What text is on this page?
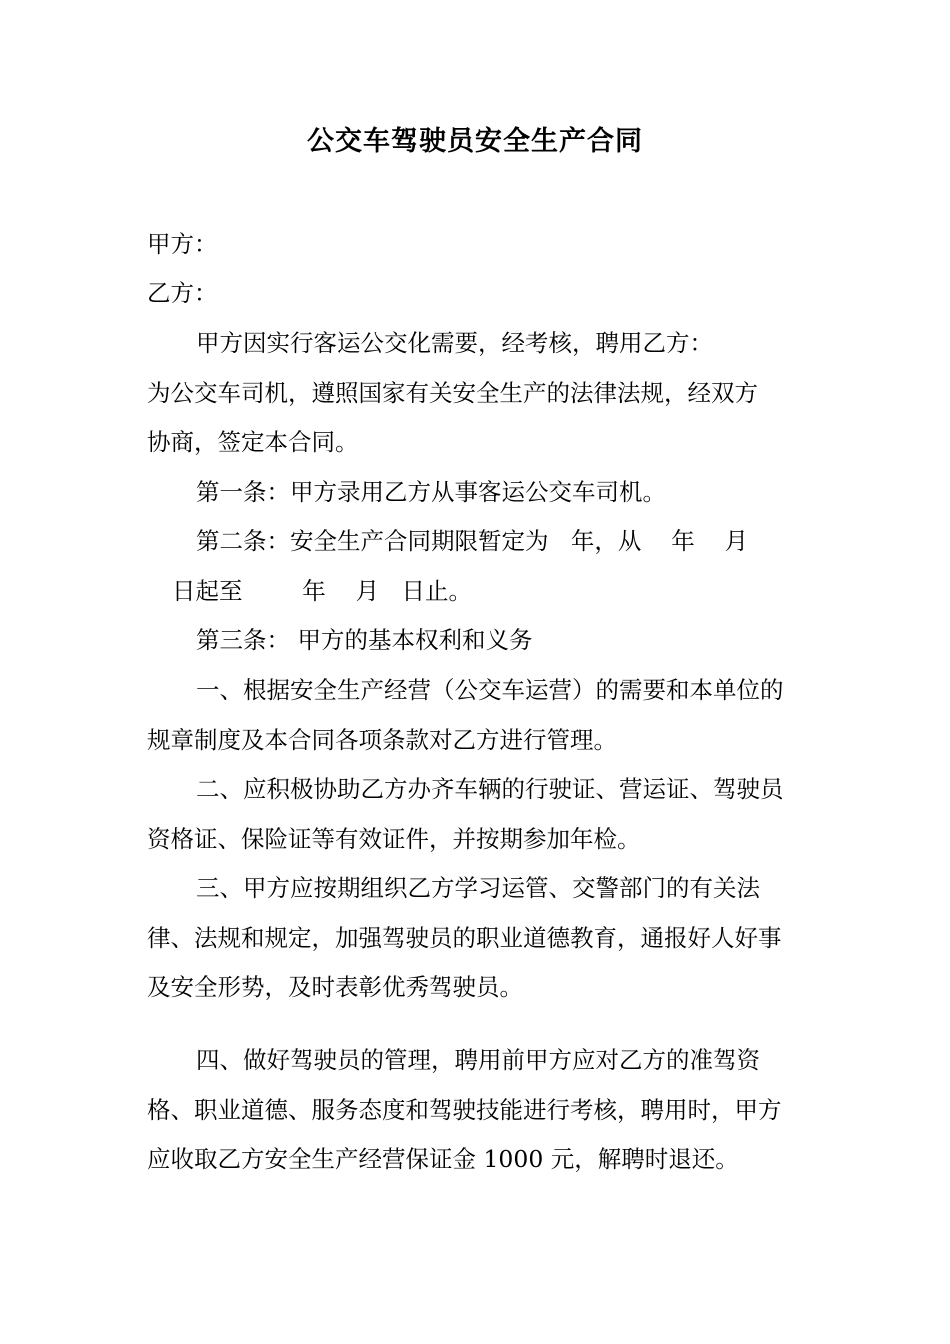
公交车驾驶员安全生产合同
甲方：
乙方：
甲方因实行客运公交化需要，经考核，聘用乙方：
为公交车司机，遵照国家有关安全生产的法律法规，经双方
协商，签定本合同。
第一条：甲方录用乙方从事客运公交车司机。
第二条：安全生产合同期限暂定为   年，从    年    月
日起至        年    月   日止。
第三条： 甲方的基本权利和义务
一、根据安全生产经营（公交车运营）的需要和本单位的
规章制度及本合同各项条款对乙方进行管理。
二、应积极协助乙方办齐车辆的行驶证、营运证、驾驶员
资格证、保险证等有效证件，并按期参加年检。
三、甲方应按期组织乙方学习运管、交警部门的有关法
律、法规和规定，加强驾驶员的职业道德教育，通报好人好事
及安全形势，及时表彰优秀驾驶员。
四、做好驾驶员的管理，聘用前甲方应对乙方的准驾资
格、职业道德、服务态度和驾驶技能进行考核，聘用时，甲方
应收取乙方安全生产经营保证金 1000 元，解聘时退还。
